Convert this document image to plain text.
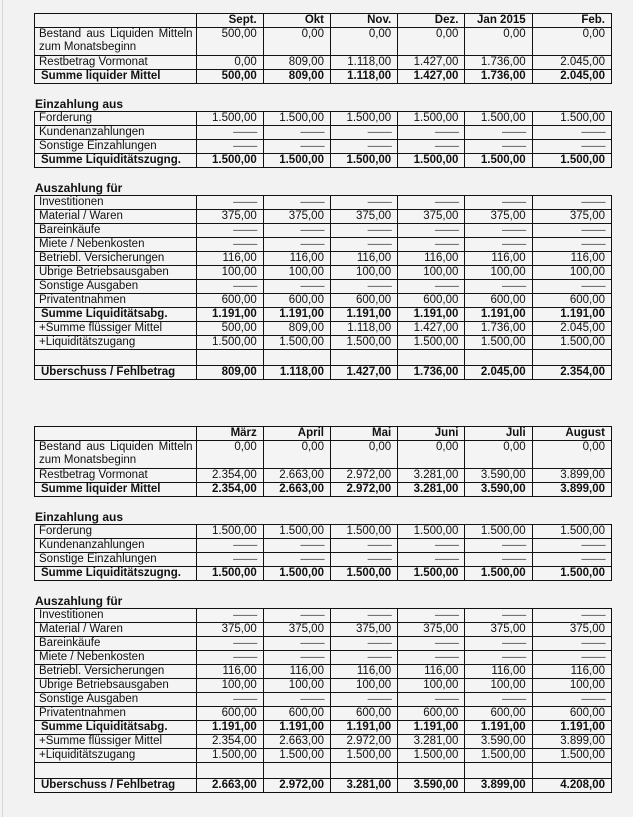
	Sept.	Okt	Nov.	Dez.	Jan 2015	Feb.
Bestand aus Liquiden Mitteln zum Monatsbeginn	500,00	0,00	0,00	0,00	0,00	0,00
Restbetrag Vormonat	0,00	809,00	1.118,00	1.427,00	1.736,00	2.045,00
Summe liquider Mittel	500,00	809,00	1.118,00	1.427,00	1.736,00	2.045,00
Einzahlung aus
Forderung	1.500,00	1.500,00	1.500,00	1.500,00	1.500,00	1.500,00
Kundenanzahlungen	------------	------------	------------	------------	------------	------------
Sonstige Einzahlungen	------------	------------	------------	------------	------------	------------
Summe Liquiditätszugng.	1.500,00	1.500,00	1.500,00	1.500,00	1.500,00	1.500,00
Auszahlung für
Investitionen	------------	------------	------------	------------	------------	------------
Material / Waren	375,00	375,00	375,00	375,00	375,00	375,00
Bareinkäufe	------------	------------	------------	------------	------------	------------
Miete / Nebenkosten	------------	------------	------------	------------	------------	------------
Betriebl. Versicherungen	116,00	116,00	116,00	116,00	116,00	116,00
Ubrige Betriebsausgaben	100,00	100,00	100,00	100,00	100,00	100,00
Sonstige Ausgaben	------------	------------	------------	------------	------------	------------
Privatentnahmen	600,00	600,00	600,00	600,00	600,00	600,00
Summe Liquiditätsabg.	1.191,00	1.191,00	1.191,00	1.191,00	1.191,00	1.191,00
+Summe flüssiger Mittel	500,00	809,00	1.118,00	1.427,00	1.736,00	2.045,00
+Liquiditätszugang	1.500,00	1.500,00	1.500,00	1.500,00	1.500,00	1.500,00

Uberschuss / Fehlbetrag	809,00	1.118,00	1.427,00	1.736,00	2.045,00	2.354,00
	März	April	Mai	Juni	Juli	August
Bestand aus Liquiden Mitteln zum Monatsbeginn	0,00	0,00	0,00	0,00	0,00	0,00
Restbetrag Vormonat	2.354,00	2.663,00	2.972,00	3.281,00	3.590,00	3.899,00
Summe liquider Mittel	2.354,00	2.663,00	2.972,00	3.281,00	3.590,00	3.899,00
Einzahlung aus
Forderung	1.500,00	1.500,00	1.500,00	1.500,00	1.500,00	1.500,00
Kundenanzahlungen	------------	------------	------------	------------	------------	------------
Sonstige Einzahlungen	------------	------------	------------	------------	------------	------------
Summe Liquiditätszugng.	1.500,00	1.500,00	1.500,00	1.500,00	1.500,00	1.500,00
Auszahlung für
Investitionen	------------	------------	------------	------------	------------	------------
Material / Waren	375,00	375,00	375,00	375,00	375,00	375,00
Bareinkäufe	------------	------------	------------	------------	------------	------------
Miete / Nebenkosten	------------	------------	------------	------------	------------	------------
Betriebl. Versicherungen	116,00	116,00	116,00	116,00	116,00	116,00
Ubrige Betriebsausgaben	100,00	100,00	100,00	100,00	100,00	100,00
Sonstige Ausgaben	------------	------------	------------	------------	------------	------------
Privatentnahmen	600,00	600,00	600,00	600,00	600,00	600,00
Summe Liquiditätsabg.	1.191,00	1.191,00	1.191,00	1.191,00	1.191,00	1.191,00
+Summe flüssiger Mittel	2.354,00	2.663,00	2.972,00	3.281,00	3.590,00	3.899,00
+Liquiditätszugang	1.500,00	1.500,00	1.500,00	1.500,00	1.500,00	1.500,00

Uberschuss / Fehlbetrag	2.663,00	2.972,00	3.281,00	3.590,00	3.899,00	4.208,00
